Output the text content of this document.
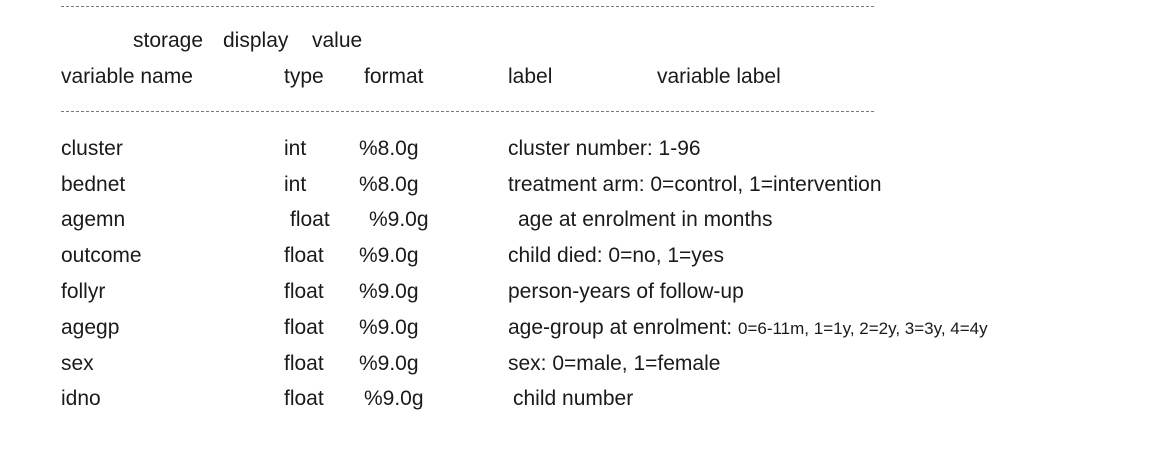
storage display value
variable name	type format	label	variable label
cluster	int	%8.0g	cluster number: 1-96
bednet	int	%8.0g	treatment arm: 0=control, 1=intervention
agemn	float %9.0g	age at enrolment in months
outcome	float %9.0g	child died: 0=no, 1=yes
follyr	float %9.0g	person-years of follow-up
agegp	float %9.0g	age-group at enrolment: 0=6-11m, 1=1y, 2=2y, 3=3y, 4=4y
sex	float %9.0g	sex: 0=male, 1=female
idno	float %9.0g	child number
